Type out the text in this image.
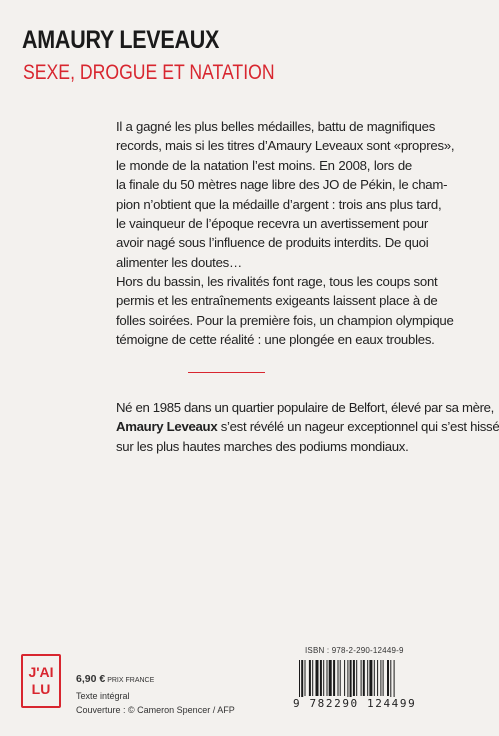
AMAURY LEVEAUX
SEXE, DROGUE ET NATATION
Il a gagné les plus belles médailles, battu de magnifiques
records, mais si les titres d’Amaury Leveaux sont «propres»,
le monde de la natation l’est moins. En 2008, lors de
la finale du 50 mètres nage libre des JO de Pékin, le cham-
pion n’obtient que la médaille d’argent : trois ans plus tard,
le vainqueur de l’époque recevra un avertissement pour
avoir nagé sous l’influence de produits interdits. De quoi
alimenter les doutes…
Hors du bassin, les rivalités font rage, tous les coups sont
permis et les entraînements exigeants laissent place à de
folles soirées. Pour la première fois, un champion olympique
témoigne de cette réalité : une plongée en eaux troubles.
Né en 1985 dans un quartier populaire de Belfort, élevé par sa mère,
Amaury Leveaux s’est révélé un nageur exceptionnel qui s’est hissé
sur les plus hautes marches des podiums mondiaux.
J'AI
LU
6,90 € PRIX FRANCE
Texte intégral
Couverture : © Cameron Spencer / AFP
ISBN : 978-2-290-12449-9
9 782290 124499
